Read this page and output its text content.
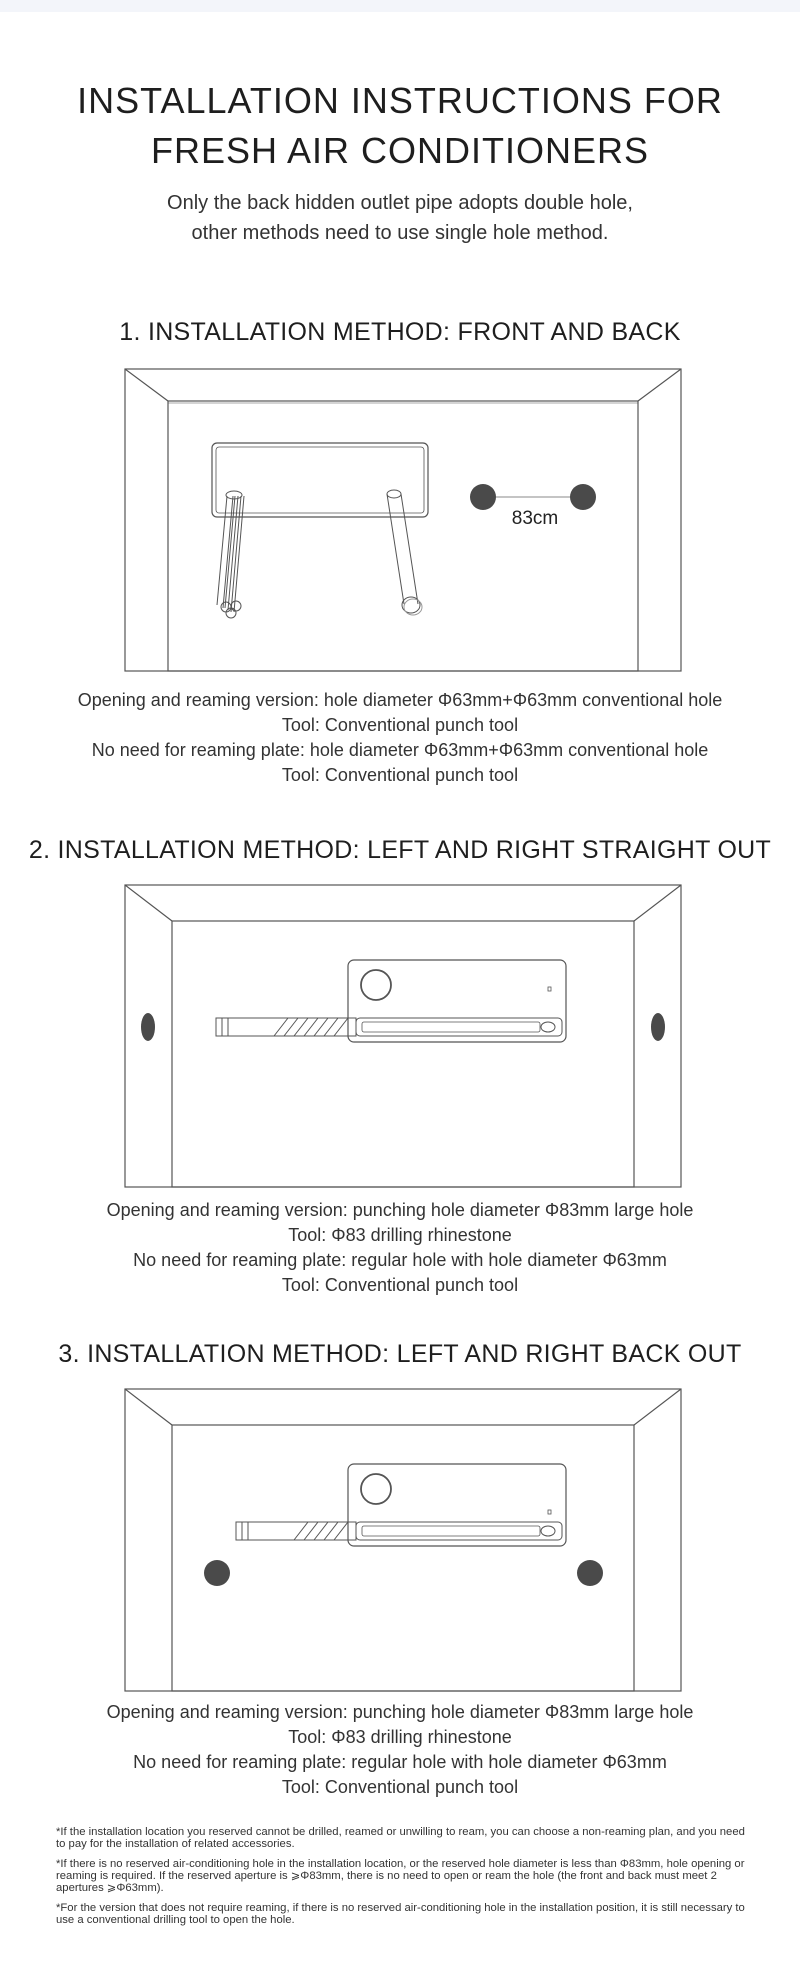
INSTALLATION INSTRUCTIONS FOR
FRESH AIR CONDITIONERS
Only the back hidden outlet pipe adopts double hole,
other methods need to use single hole method.
1. INSTALLATION METHOD: FRONT AND BACK
83cm
Opening and reaming version: hole diameter Φ63mm+Φ63mm conventional hole
Tool: Conventional punch tool
No need for reaming plate: hole diameter Φ63mm+Φ63mm conventional hole
Tool: Conventional punch tool
2. INSTALLATION METHOD: LEFT AND RIGHT STRAIGHT OUT
Opening and reaming version: punching hole diameter Φ83mm large hole
Tool: Φ83 drilling rhinestone
No need for reaming plate: regular hole with hole diameter Φ63mm
Tool: Conventional punch tool
3. INSTALLATION METHOD: LEFT AND RIGHT BACK OUT
Opening and reaming version: punching hole diameter Φ83mm large hole
Tool: Φ83 drilling rhinestone
No need for reaming plate: regular hole with hole diameter Φ63mm
Tool: Conventional punch tool

*If the installation location you reserved cannot be drilled, reamed or unwilling to ream, you can choose a non-reaming plan, and you need to pay for the installation of related accessories.

*If there is no reserved air-conditioning hole in the installation location, or the reserved hole diameter is less than Φ83mm, hole opening or reaming is required. If the reserved aperture is ⩾Φ83mm, there is no need to open or ream the hole (the front and back must meet 2 apertures ⩾Φ63mm).

*For the version that does not require reaming, if there is no reserved air-conditioning hole in the installation position, it is still necessary to use a conventional drilling tool to open the hole.
